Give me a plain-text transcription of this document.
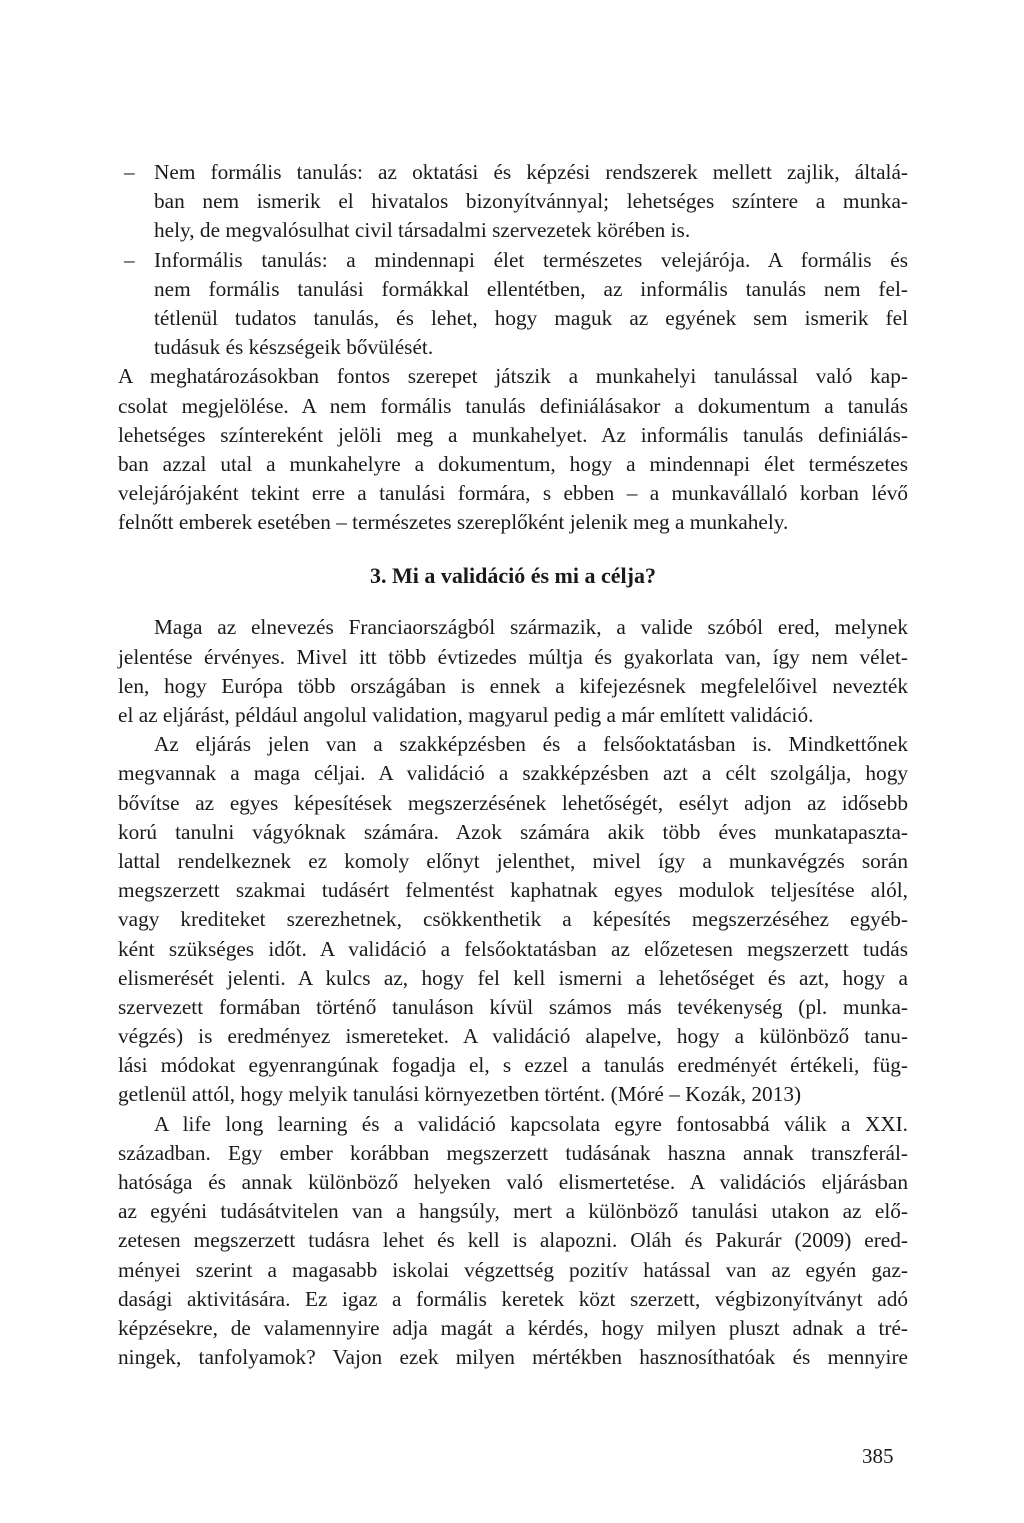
– Nem formális tanulás: az oktatási és képzési rendszerek mellett zajlik, általá-
ban nem ismerik el hivatalos bizonyítvánnyal; lehetséges színtere a munka-
hely, de megvalósulhat civil társadalmi szervezetek körében is.
– Informális tanulás: a mindennapi élet természetes velejárója. A formális és
nem formális tanulási formákkal ellentétben, az informális tanulás nem fel-
tétlenül tudatos tanulás, és lehet, hogy maguk az egyének sem ismerik fel
tudásuk és készségeik bővülését.
A meghatározásokban fontos szerepet játszik a munkahelyi tanulással való kap-
csolat megjelölése. A nem formális tanulás definiálásakor a dokumentum a tanulás
lehetséges színtereként jelöli meg a munkahelyet. Az informális tanulás definiálás-
ban azzal utal a munkahelyre a dokumentum, hogy a mindennapi élet természetes
velejárójaként tekint erre a tanulási formára, s ebben – a munkavállaló korban lévő
felnőtt emberek esetében – természetes szereplőként jelenik meg a munkahely.
3. Mi a validáció és mi a célja?
Maga az elnevezés Franciaországból származik, a valide szóból ered, melynek
jelentése érvényes. Mivel itt több évtizedes múltja és gyakorlata van, így nem vélet-
len, hogy Európa több országában is ennek a kifejezésnek megfelelőivel nevezték
el az eljárást, például angolul validation, magyarul pedig a már említett validáció.
Az eljárás jelen van a szakképzésben és a felsőoktatásban is. Mindkettőnek
megvannak a maga céljai. A validáció a szakképzésben azt a célt szolgálja, hogy
bővítse az egyes képesítések megszerzésének lehetőségét, esélyt adjon az idősebb
korú tanulni vágyóknak számára. Azok számára akik több éves munkatapaszta-
lattal rendelkeznek ez komoly előnyt jelenthet, mivel így a munkavégzés során
megszerzett szakmai tudásért felmentést kaphatnak egyes modulok teljesítése alól,
vagy krediteket szerezhetnek, csökkenthetik a képesítés megszerzéséhez egyéb-
ként szükséges időt. A validáció a felsőoktatásban az előzetesen megszerzett tudás
elismerését jelenti. A kulcs az, hogy fel kell ismerni a lehetőséget és azt, hogy a
szervezett formában történő tanuláson kívül számos más tevékenység (pl. munka-
végzés) is eredményez ismereteket. A validáció alapelve, hogy a különböző tanu-
lási módokat egyenrangúnak fogadja el, s ezzel a tanulás eredményét értékeli, füg-
getlenül attól, hogy melyik tanulási környezetben történt. (Móré – Kozák, 2013)
A life long learning és a validáció kapcsolata egyre fontosabbá válik a XXI.
században. Egy ember korábban megszerzett tudásának haszna annak transzferál-
hatósága és annak különböző helyeken való elismertetése. A validációs eljárásban
az egyéni tudásátvitelen van a hangsúly, mert a különböző tanulási utakon az elő-
zetesen megszerzett tudásra lehet és kell is alapozni. Oláh és Pakurár (2009) ered-
ményei szerint a magasabb iskolai végzettség pozitív hatással van az egyén gaz-
dasági aktivitására. Ez igaz a formális keretek közt szerzett, végbizonyítványt adó
képzésekre, de valamennyire adja magát a kérdés, hogy milyen pluszt adnak a tré-
ningek, tanfolyamok? Vajon ezek milyen mértékben hasznosíthatóak és mennyire
385
